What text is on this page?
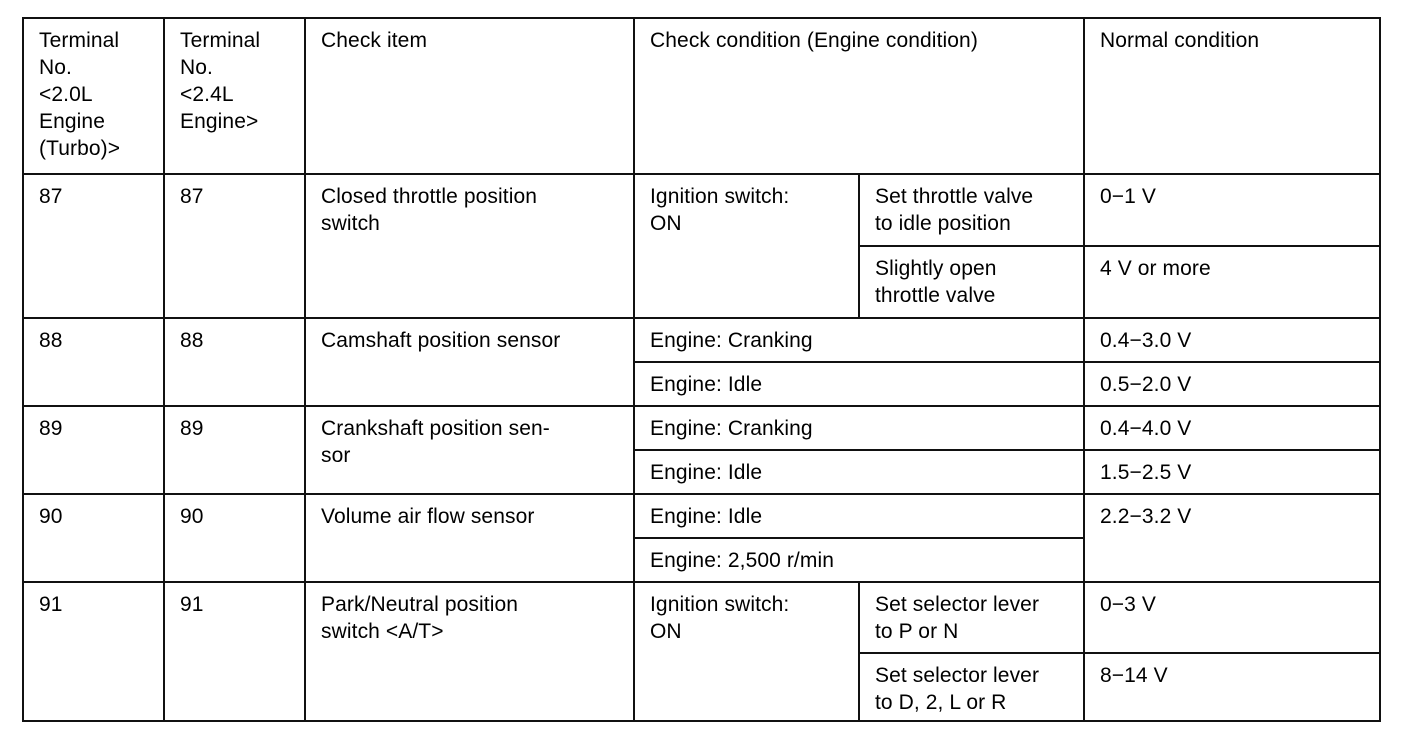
Terminal
No.
<2.0L
Engine
(Turbo)>	Terminal
No.
<2.4L
Engine>	Check item	Check condition (Engine condition)		Normal condition
87	87	Closed throttle position
switch	Ignition switch:
ON	Set throttle valve
to idle position	0−1 V
				Slightly open
throttle valve	4 V or more
88	88	Camshaft position sensor	Engine: Cranking		0.4−3.0 V
			Engine: Idle		0.5−2.0 V
89	89	Crankshaft position sen-
sor	Engine: Cranking		0.4−4.0 V
			Engine: Idle		1.5−2.5 V
90	90	Volume air flow sensor	Engine: Idle		2.2−3.2 V
			Engine: 2,500 r/min		
91	91	Park/Neutral position
switch <A/T>	Ignition switch:
ON	Set selector lever
to P or N	0−3 V
				Set selector lever
to D, 2, L or R	8−14 V
